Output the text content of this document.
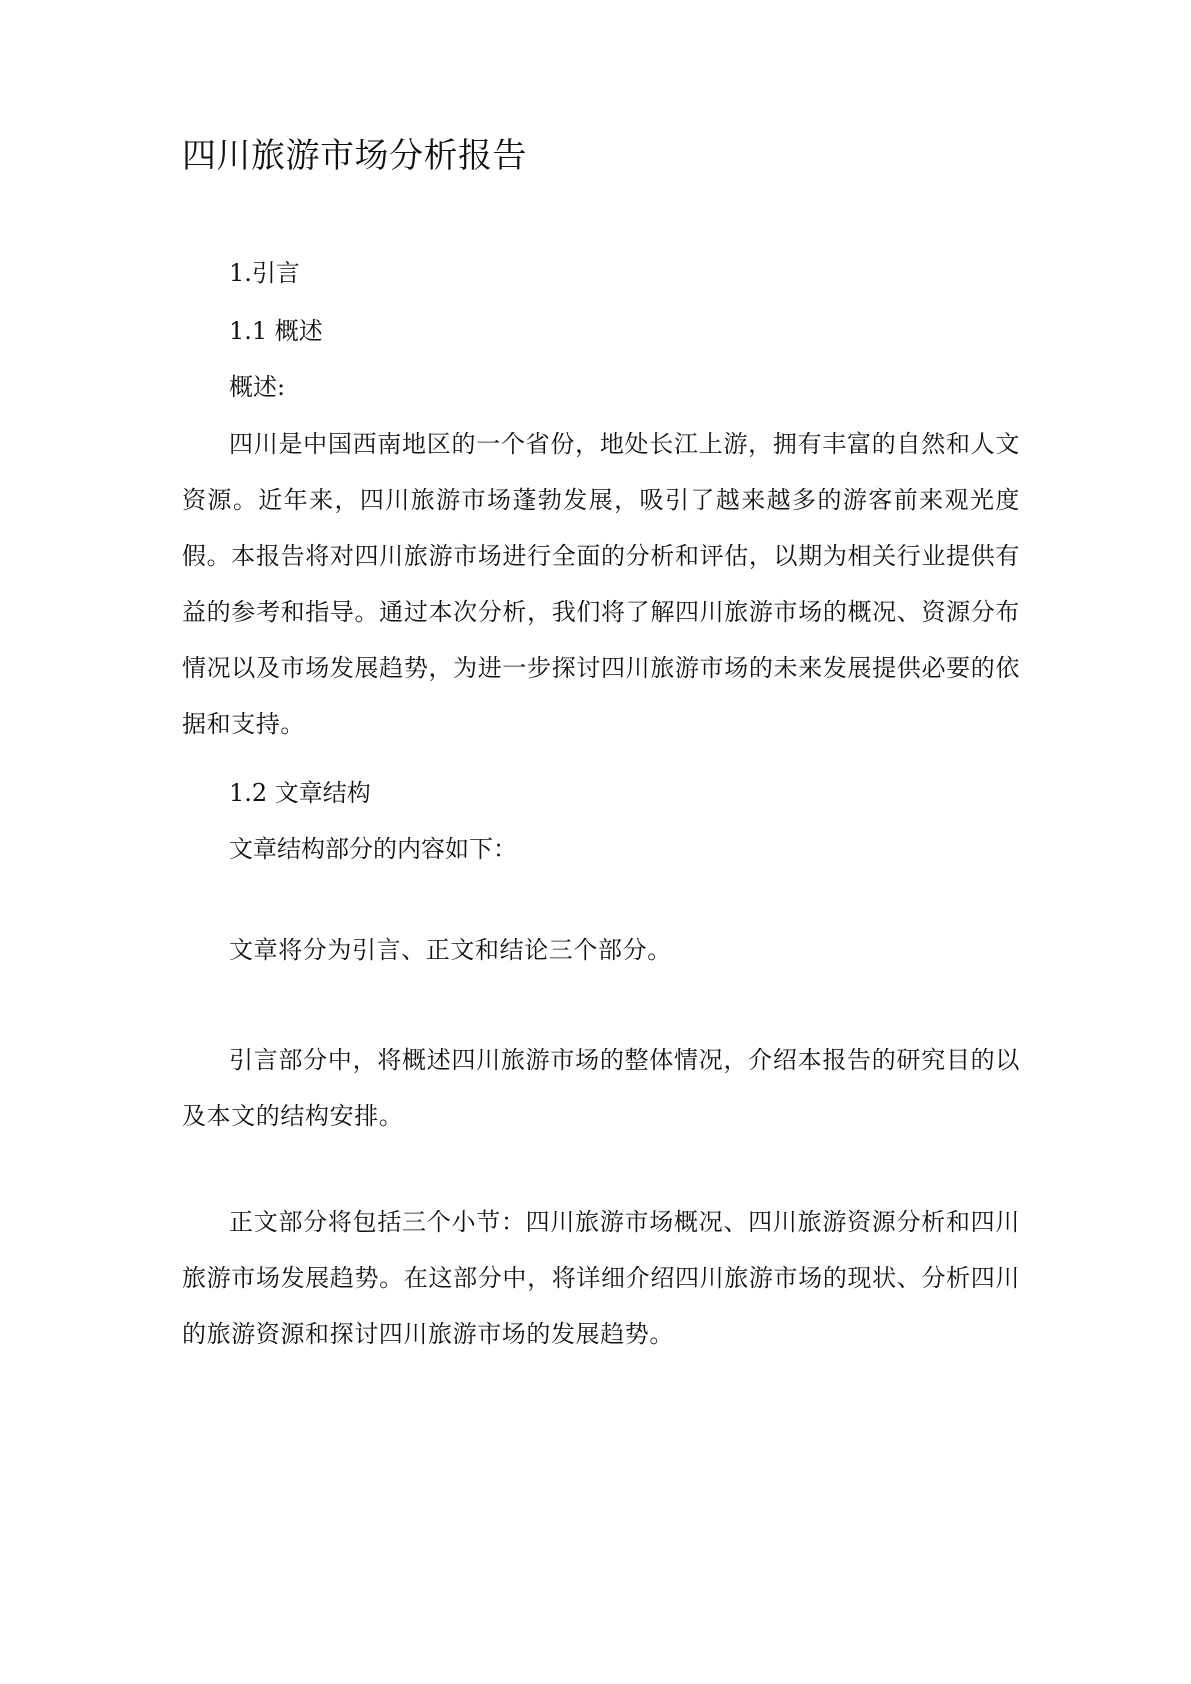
四川旅游市场分析报告
1.引言
1.1 概述

概述:

四川是中国西南地区的一个省份，地处长江上游，拥有丰富的自然和人文资源。近年来，四川旅游市场蓬勃发展，吸引了越来越多的游客前来观光度假。本报告将对四川旅游市场进行全面的分析和评估，以期为相关行业提供有益的参考和指导。通过本次分析，我们将了解四川旅游市场的概况、资源分布情况以及市场发展趋势，为进一步探讨四川旅游市场的未来发展提供必要的依据和支持。

1.2 文章结构

文章结构部分的内容如下：

文章将分为引言、正文和结论三个部分。

引言部分中，将概述四川旅游市场的整体情况，介绍本报告的研究目的以及本文的结构安排。

正文部分将包括三个小节：四川旅游市场概况、四川旅游资源分析和四川旅游市场发展趋势。在这部分中，将详细介绍四川旅游市场的现状、分析四川的旅游资源和探讨四川旅游市场的发展趋势。
